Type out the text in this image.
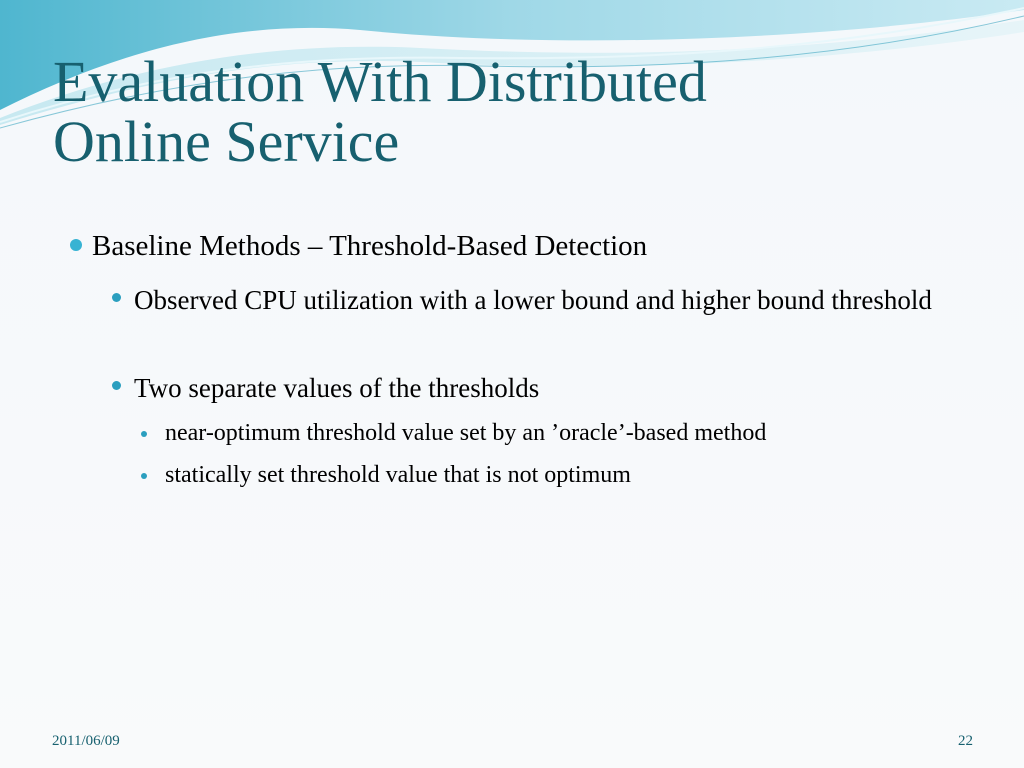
Evaluation With Distributed
Online Service
Baseline Methods – Threshold-Based Detection
Observed CPU utilization with a lower bound and higher bound threshold
Two separate values of the thresholds
near-optimum threshold value set by an ’oracle’-based method
statically set threshold value that is not optimum
2011/06/09	22
